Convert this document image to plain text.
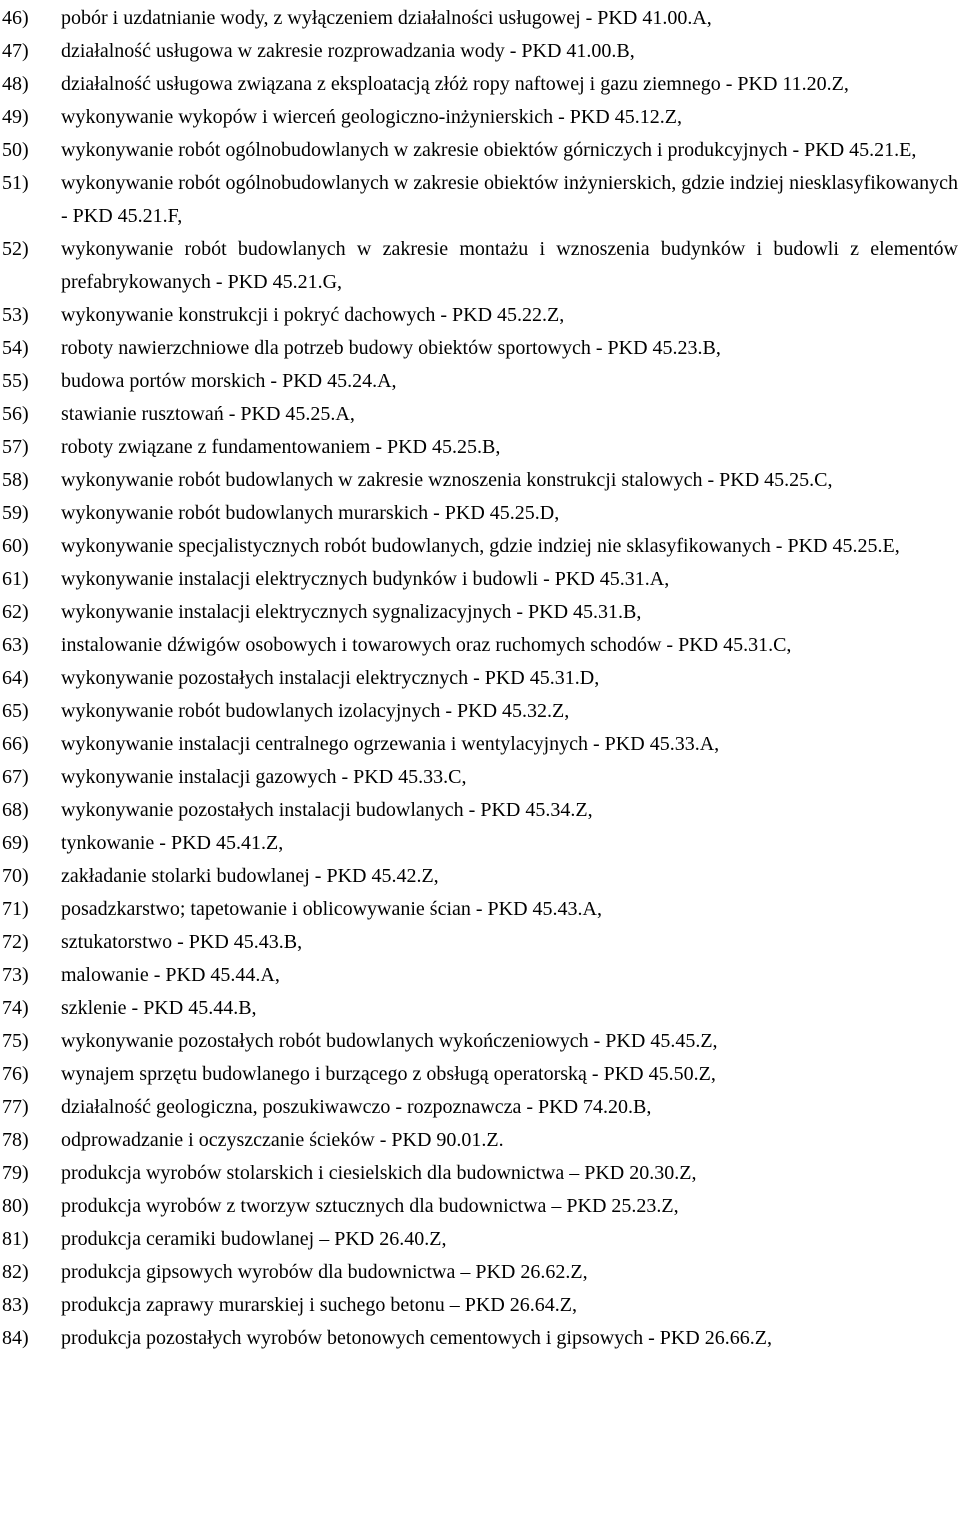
46)	pobór i uzdatnianie wody, z wyłączeniem działalności usługowej - PKD 41.00.A,
47)	działalność usługowa w zakresie rozprowadzania wody - PKD 41.00.B,
48)	działalność usługowa związana z eksploatacją złóż ropy naftowej i gazu ziemnego - PKD 11.20.Z,
49)	wykonywanie wykopów i wierceń geologiczno-inżynierskich - PKD 45.12.Z,
50)	wykonywanie robót ogólnobudowlanych w zakresie obiektów górniczych i produkcyjnych - PKD 45.21.E,
51)	wykonywanie robót ogólnobudowlanych w zakresie obiektów inżynierskich, gdzie indziej niesklasyfikowanych - PKD 45.21.F,
52)	wykonywanie robót budowlanych w zakresie montażu i wznoszenia budynków i budowli z elementów prefabrykowanych - PKD 45.21.G,
53)	wykonywanie konstrukcji i pokryć dachowych - PKD 45.22.Z,
54)	roboty nawierzchniowe dla potrzeb budowy obiektów sportowych - PKD 45.23.B,
55)	budowa portów morskich - PKD 45.24.A,
56)	stawianie rusztowań - PKD 45.25.A,
57)	roboty związane z fundamentowaniem - PKD 45.25.B,
58)	wykonywanie robót budowlanych w zakresie wznoszenia konstrukcji stalowych - PKD 45.25.C,
59)	wykonywanie robót budowlanych murarskich - PKD 45.25.D,
60)	wykonywanie specjalistycznych robót budowlanych, gdzie indziej nie sklasyfikowanych - PKD 45.25.E,
61)	wykonywanie instalacji elektrycznych budynków i budowli - PKD 45.31.A,
62)	wykonywanie instalacji elektrycznych sygnalizacyjnych - PKD 45.31.B,
63)	instalowanie dźwigów osobowych i towarowych oraz ruchomych schodów - PKD 45.31.C,
64)	wykonywanie pozostałych instalacji elektrycznych - PKD 45.31.D,
65)	wykonywanie robót budowlanych izolacyjnych - PKD 45.32.Z,
66)	wykonywanie instalacji centralnego ogrzewania i wentylacyjnych - PKD 45.33.A,
67)	wykonywanie instalacji gazowych - PKD 45.33.C,
68)	wykonywanie pozostałych instalacji budowlanych - PKD 45.34.Z,
69)	tynkowanie - PKD 45.41.Z,
70)	zakładanie stolarki budowlanej - PKD 45.42.Z,
71)	posadzkarstwo; tapetowanie i oblicowywanie ścian - PKD 45.43.A,
72)	sztukatorstwo - PKD 45.43.B,
73)	malowanie - PKD 45.44.A,
74)	szklenie - PKD 45.44.B,
75)	wykonywanie pozostałych robót budowlanych wykończeniowych - PKD 45.45.Z,
76)	wynajem sprzętu budowlanego i burzącego z obsługą operatorską - PKD 45.50.Z,
77)	działalność geologiczna, poszukiwawczo - rozpoznawcza - PKD 74.20.B,
78)	odprowadzanie i oczyszczanie ścieków - PKD 90.01.Z.
79)	produkcja wyrobów stolarskich i ciesielskich dla budownictwa – PKD 20.30.Z,
80)	produkcja wyrobów z tworzyw sztucznych dla budownictwa – PKD 25.23.Z,
81)	produkcja ceramiki budowlanej – PKD 26.40.Z,
82)	produkcja gipsowych wyrobów dla budownictwa – PKD 26.62.Z,
83)	produkcja zaprawy murarskiej i suchego betonu – PKD 26.64.Z,
84)	produkcja pozostałych wyrobów betonowych cementowych i gipsowych - PKD 26.66.Z,
